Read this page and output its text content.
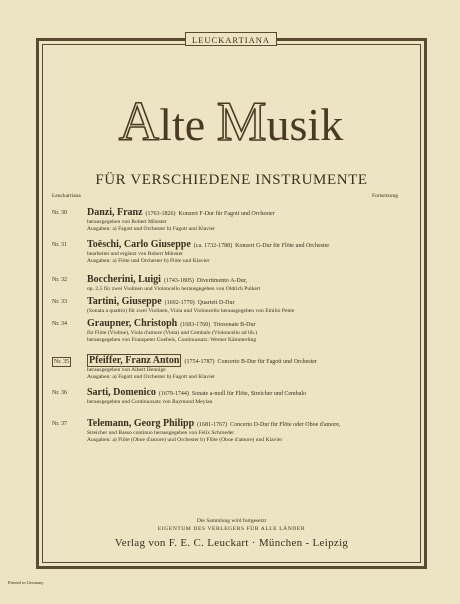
LEUCKARTIANA
Alte Musik
FÜR VERSCHIEDENE INSTRUMENTE
Leuckartiana	Fortsetzung
Nr. 30 Danzi, Franz (1763-1826) Konzert F-Dur für Fagott und Orchester
herausgegeben von Robert Münster
Ausgaben: a) Fagott und Orchester b) Fagott und Klavier
Nr. 31 Toëschi, Carlo Giuseppe (ca. 1732-1788) Konzert G-Dur für Flöte und Orchester
bearbeitet und ergänzt von Robert Münster
Ausgaben: a) Flöte und Orchester b) Flöte und Klavier
Nr. 32 Boccherini, Luigi (1743-1805) Divertimento A-Dur,
op. 2,5 für zwei Violinen und Violoncello herausgegeben von Oldrich Pulkert
Nr. 33 Tartini, Giuseppe (1692-1770) Quartett D-Dur
(Sonata a quattro) für zwei Violinen, Viola und Violoncello herausgegeben von Emilio Pente
Nr. 34 Graupner, Christoph (1683-1760) Triosonate B-Dur
für Flöte (Violine), Viola d'amore (Viola) und Cembalo (Violoncello ad lib.)
herausgegeben von Franzpeter Goebels, Continuosatz: Werner Kämmerling
Nr. 35 Pfeiffer, Franz Anton (1754-1787) Concerto B-Dur für Fagott und Orchester
herausgegeben von Albert Hennige
Ausgaben: a) Fagott und Orchester b) Fagott und Klavier
Nr. 36 Sarti, Domenico (1679-1744) Sonate a-moll für Flöte, Streicher und Cembalo
herausgegeben und Continuosatz von Raymond Meylan
Nr. 37 Telemann, Georg Philipp (1681-1767) Concerto D-Dur für Flöte oder Oboe d'amore,
Streicher und Basso continuo herausgegeben von Felix Schroeder
Ausgaben: a) Flöte (Oboe d'amore) und Orchester b) Flöte (Oboe d'amore) und Klavier
Die Sammlung wird fortgesetzt
EIGENTUM DES VERLEGERS FÜR ALLE LÄNDER
Verlag von F. E. C. Leuckart · München - Leipzig
Printed in Germany
